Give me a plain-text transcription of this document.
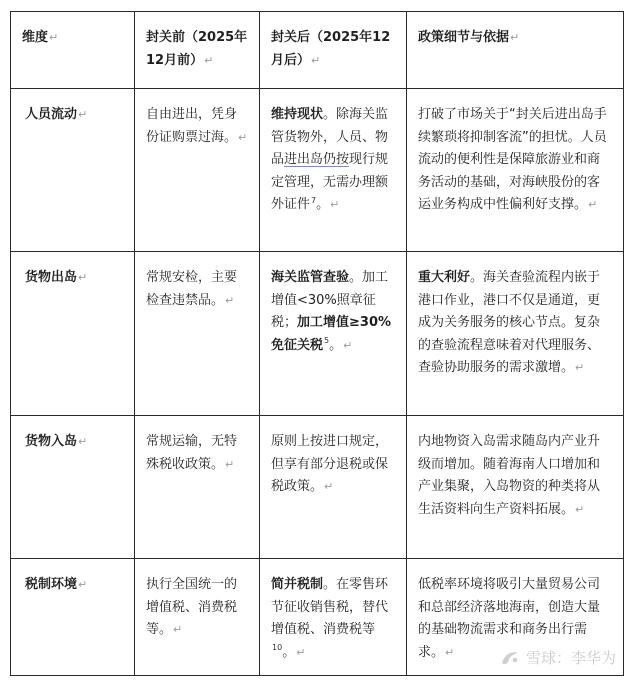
维度↵	封关前（2025年12月前）↵	封关后（2025年12月后）↵	政策细节与依据↵
人员流动↵	自由进出，凭身份证购票过海。↵	维持现状。除海关监管货物外，人员、物品进出岛仍按现行规定管理，无需办理额外证件$^7$。↵	打破了市场关于“封关后进出岛手续繁琐将抑制客流”的担忧。人员流动的便利性是保障旅游业和商务活动的基础，对海峡股份的客运业务构成中性偏利好支撑。↵
货物出岛↵	常规安检，主要检查违禁品。↵	海关监管查验。加工增值<30%照章征税；加工增值≥30%免征关税$^5$。↵	重大利好。海关查验流程内嵌于港口作业，港口不仅是通道，更成为关务服务的核心节点。复杂的查验流程意味着对代理服务、查验协助服务的需求激增。↵
货物入岛↵	常规运输，无特殊税收政策。↵	原则上按进口规定，但享有部分退税或保税政策。↵	内地物资入岛需求随岛内产业升级而增加。随着海南人口增加和产业集聚，入岛物资的种类将从生活资料向生产资料拓展。↵
税制环境↵	执行全国统一的增值税、消费税等。↵	简并税制。在零售环节征收销售税，替代增值税、消费税等$^{10}$。↵	低税率环境将吸引大量贸易公司和总部经济落地海南，创造大量的基础物流需求和商务出行需求。↵	雪球：李华为
